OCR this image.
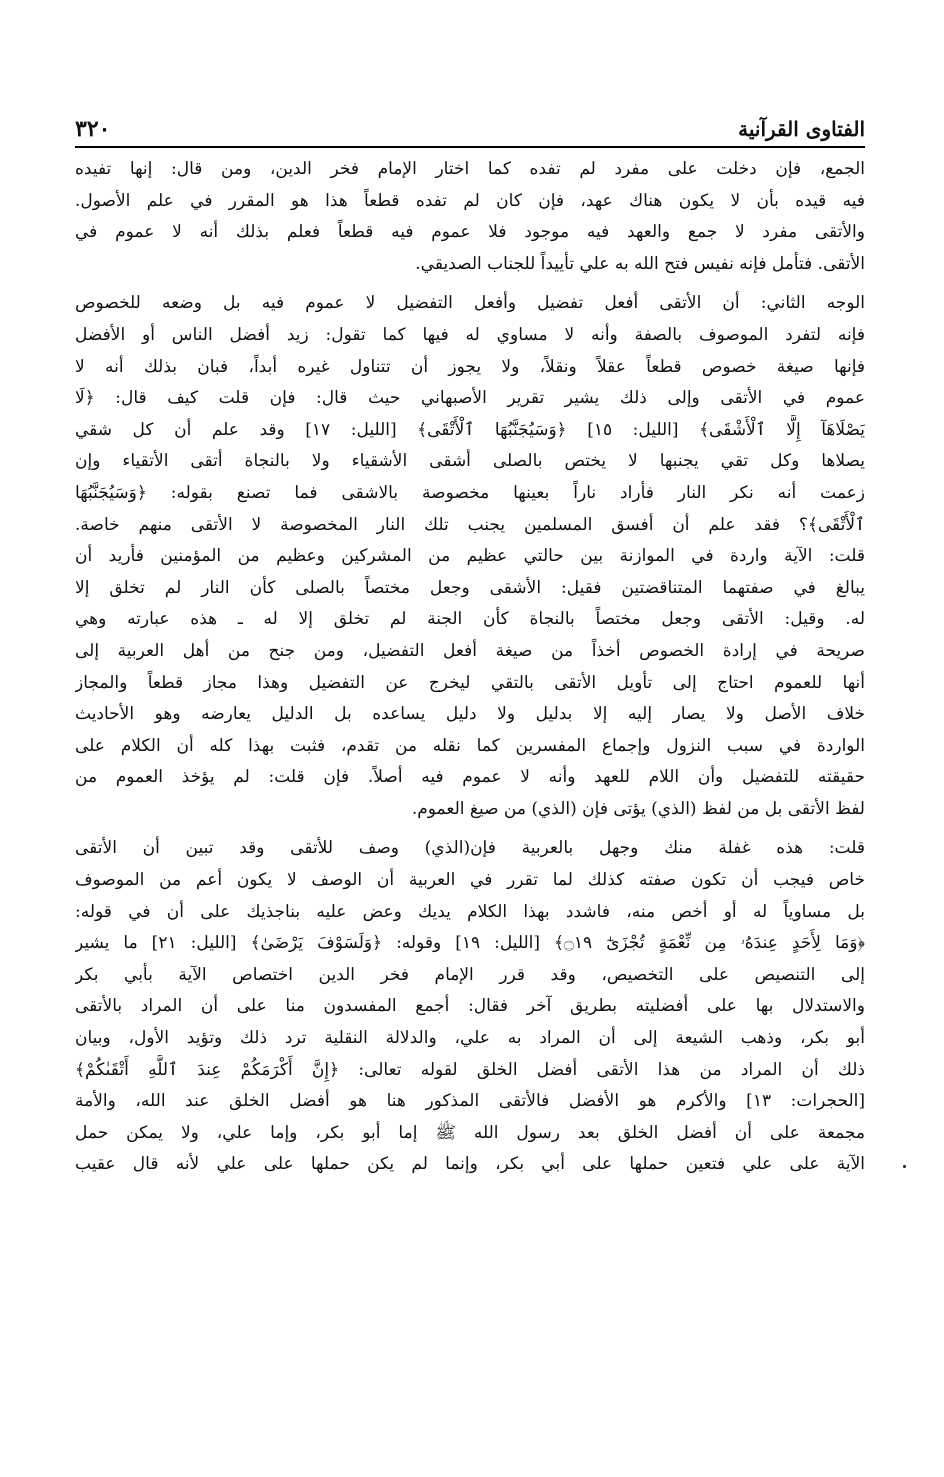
الفتاوى القرآنية
٣٢٠
الجمع، فإن دخلت على مفرد لم تفده كما اختار الإمام فخر الدين، ومن قال: إنها تفيده
فيه قيده بأن لا يكون هناك عهد، فإن كان لم تفده قطعاً هذا هو المقرر في علم الأصول.
والأتقى مفرد لا جمع والعهد فيه موجود فلا عموم فيه قطعاً فعلم بذلك أنه لا عموم في
الأتقى. فتأمل فإنه نفيس فتح الله به علي تأييداً للجناب الصديقي.
الوجه الثاني: أن الأتقى أفعل تفضيل وأفعل التفضيل لا عموم فيه بل وضعه للخصوص
فإنه لتفرد الموصوف بالصفة وأنه لا مساوي له فيها كما تقول: زيد أفضل الناس أو الأفضل
فإنها صيغة خصوص قطعاً عقلاً ونقلاً، ولا يجوز أن تتناول غيره أبداً، فبان بذلك أنه لا
عموم في الأتقى وإلى ذلك يشير تقرير الأصبهاني حيث قال: فإن قلت كيف قال: ﴿لَا
يَصْلَاهَآ إِلَّا ٱلْأَشْقَى﴾ [الليل: ١٥] ﴿وَسَيُجَنَّبُهَا ٱلْأَتْقَى﴾ [الليل: ١٧] وقد علم أن كل شقي
يصلاها وكل تقي يجنبها لا يختص بالصلى أشقى الأشقياء ولا بالنجاة أتقى الأتقياء وإن
زعمت أنه نكر النار فأراد ناراً بعينها مخصوصة بالاشقى فما تصنع بقوله: ﴿وَسَيُجَنَّبُهَا
ٱلْأَتْقَى﴾؟ فقد علم أن أفسق المسلمين يجنب تلك النار المخصوصة لا الأتقى منهم خاصة.
قلت: الآية واردة في الموازنة بين حالتي عظيم من المشركين وعظيم من المؤمنين فأريد أن
يبالغ في صفتهما المتناقضتين فقيل: الأشقى وجعل مختصاً بالصلى كأن النار لم تخلق إلا
له. وقيل: الأتقى وجعل مختصاً بالنجاة كأن الجنة لم تخلق إلا له ـ هذه عبارته وهي
صريحة في إرادة الخصوص أخذاً من صيغة أفعل التفضيل، ومن جنح من أهل العربية إلى
أنها للعموم احتاج إلى تأويل الأتقى بالتقي ليخرج عن التفضيل وهذا مجاز قطعاً والمجاز
خلاف الأصل ولا يصار إليه إلا بدليل ولا دليل يساعده بل الدليل يعارضه وهو الأحاديث
الواردة في سبب النزول وإجماع المفسرين كما نقله من تقدم، فثبت بهذا كله أن الكلام على
حقيقته للتفضيل وأن اللام للعهد وأنه لا عموم فيه أصلاً. فإن قلت: لم يؤخذ العموم من
لفظ الأتقى بل من لفظ (الذي) يؤتى فإن (الذي) من صيغ العموم.
قلت: هذه غفلة منك وجهل بالعربية فإن(الذي) وصف للأتقى وقد تبين أن الأتقى
خاص فيجب أن تكون صفته كذلك لما تقرر في العربية أن الوصف لا يكون أعم من الموصوف
بل مساوياً له أو أخص منه، فاشدد بهذا الكلام يديك وعض عليه بناجذيك على أن في قوله:
﴿وَمَا لِأَحَدٍ عِندَهُۥ مِن نِّعْمَةٍ تُجْزَىٰٓ ۝١٩﴾ [الليل: ١٩] وقوله: ﴿وَلَسَوْفَ يَرْضَىٰ﴾ [الليل: ٢١] ما يشير
إلى التنصيص على التخصيص، وقد قرر الإمام فخر الدين اختصاص الآية بأبي بكر
والاستدلال بها على أفضليته بطريق آخر فقال: أجمع المفسدون منا على أن المراد بالأتقى
أبو بكر، وذهب الشيعة إلى أن المراد به علي، والدلالة النقلية ترد ذلك وتؤيد الأول، وبيان
ذلك أن المراد من هذا الأتقى أفضل الخلق لقوله تعالى: ﴿إِنَّ أَكْرَمَكُمْ عِندَ ٱللَّهِ أَتْقَىٰكُمْ﴾
[الحجرات: ١٣] والأكرم هو الأفضل فالأتقى المذكور هنا هو أفضل الخلق عند الله، والأمة
مجمعة على أن أفضل الخلق بعد رسول الله ﷺ إما أبو بكر، وإما علي، ولا يمكن حمل
الآية على علي فتعين حملها على أبي بكر، وإنما لم يكن حملها على علي لأنه قال عقيب
